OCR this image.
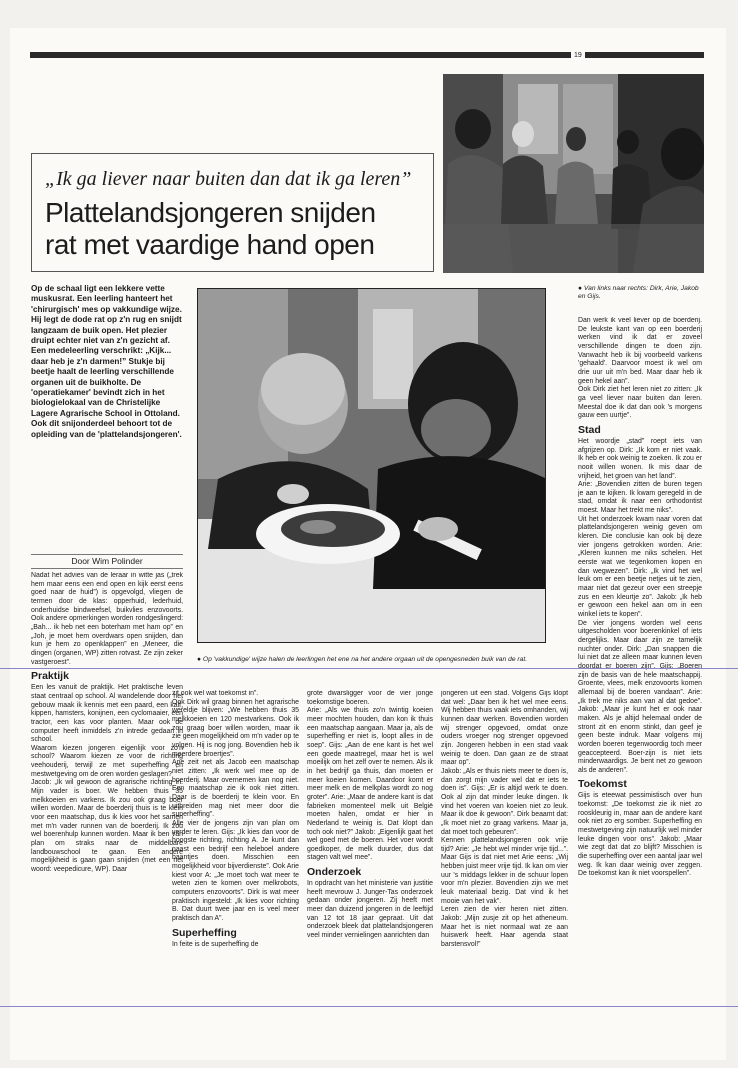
19
„Ik ga liever naar buiten dan dat ik ga leren”
Plattelandsjongeren snijden
rat met vaardige hand open
● Van links naar rechts: Dirk, Arie, Jakob en Gijs.
● Op 'vakkundige' wijze halen de leerlingen het ene na het andere orgaan uit de opengesneden buik van de rat.
Op de schaal ligt een lekkere vette muskusrat. Een leerling hanteert het 'chirurgisch' mes op vakkundige wijze. Hij legt de dode rat op z'n rug en snijdt langzaam de buik open. Het plezier druipt echter niet van z'n gezicht af. Een medeleerling verschrikt: „Kijk... daar heb je z'n darmen!” Stukje bij beetje haalt de leerling verschillende organen uit de buikholte. De 'operatiekamer' bevindt zich in het biologielokaal van de Christelijke Lagere Agrarische School in Ottoland. Ook dit snijonderdeel behoort tot de opleiding van de 'plattelandsjongeren'.
Door Wim Polinder

Nadat het advies van de leraar in witte jas („trek hem maar eens een end open en kijk eerst eens goed naar de huid”) is opgevolgd, vliegen de termen door de klas: opperhuid, lederhuid, onderhuidse bindweefsel, buikvlies enzovoorts. Ook andere opmerkingen worden rondgeslingerd: „Bah... ik heb net een boterham met ham op” en „Joh, je moet hem overdwars open snijden, dan kun je hem zo openklappen” en „Meneer, die dingen (organen, WP) zitten rotvast. Ze zijn zeker vastgeroest”.

Praktijk

Een les vanuit de praktijk. Het praktische leven staat centraal op school. Al wandelende door het gebouw maak ik kennis met een paard, een kalf, kippen, hamsters, konijnen, een cyclomaaier, een tractor, een kas voor planten. Maar ook de computer heeft inmiddels z'n intrede gedaan in school.

Waarom kiezen jongeren eigenlijk voor zo'n school? Waarom kiezen ze voor de richting veehouderij, terwijl ze met superheffing en mestwetgeving om de oren worden geslagen?

Jacob: „Ik wil gewoon de agrarische richting in. Mijn vader is boer. We hebben thuis 35 melkkoeien en varkens. Ik zou ook graag boer willen worden. Maar de boerderij thuis is te klein voor een maatschap, dus ik kies voor het samen met m'n vader runnen van de boerderij. Ik zou wel boerenhulp kunnen worden. Maar ik ben van plan om straks naar de middelbare landbouwschool te gaan. Een andere mogelijkheid is gaan gaan snijden (met een net woord: veepedicure, WP). Daar

zit ook wel wat toekomst in”.

Ook Dirk wil graag binnen het agrarische wereldje blijven: „We hebben thuis 35 melkkoeien en 120 mestvarkens. Ook ik zou graag boer willen worden, maar ik zie geen mogelijkheid om m'n vader op te volgen. Hij is nog jong. Bovendien heb ik meerdere broertjes”.

Arie zeit net als Jacob een maatschap niet zitten: „Ik werk wel mee op de boerderij. Maar overnemen kan nog niet. Een maatschap zie ik ook niet zitten. Daar is de boerderij te klein voor. En uitbreiden mag niet meer door die superheffing”.

Alle vier de jongens zijn van plan om verder te leren. Gijs: „Ik kies dan voor de hoogste richting, richting A. Je kunt dan naast een bedrijf een heleboel andere baantjes doen. Misschien een mogelijkheid voor bijverdienste”. Ook Arie kiest voor A: „Je moet toch wat meer te weten zien te komen over melkrobots, computers enzovoorts”. Dirk is wat meer praktisch ingesteld: „Ik kies voor richting B. Dat duurt twee jaar en is veel meer praktisch dan A”.

Superheffing

In feite is de superheffing de

grote dwarsligger voor de vier jonge toekomstige boeren.

Arie: „Als we thuis zo'n twintig koeien meer mochten houden, dan kon ik thuis een maatschap aangaan. Maar ja, als de superheffing er niet is, loopt alles in de soep”. Gijs: „Aan de ene kant is het wel een goede maatregel, maar het is wel moeilijk om het zelf over te nemen. Als ik in het bedrijf ga thuis, dan moeten er meer koeien komen. Daardoor komt er meer melk en de melkplas wordt zo nog groter”. Arie: „Maar de andere kant is dat fabrieken momenteel melk uit België moeten halen, omdat er hier in Nederland te weinig is. Dat klopt dan toch ook niet?” Jakob: „Eigenlijk gaat het wel goed met de boeren. Het voer wordt goedkoper, de melk duurder, dus dat stagen valt wel mee”.

Onderzoek

In opdracht van het ministerie van justitie heeft mevrouw J. Junger-Tas onderzoek gedaan onder jongeren. Zij heeft met meer dan duizend jongeren in de leeftijd van 12 tot 18 jaar gepraat. Uit dat onderzoek bleek dat plattelandsjongeren veel minder vernielingen aanrichten dan

jongeren uit een stad. Volgens Gijs klopt dat wel: „Daar ben ik het wel mee eens. Wij hebben thuis vaak iets omhanden, wij kunnen daar werken. Bovendien worden wij strenger opgevoed, omdat onze ouders vroeger nog strenger opgevoed zijn. Jongeren hebben in een stad vaak weinig te doen. Dan gaan ze de straat maar op”.

Jakob: „Als er thuis niets meer te doen is, dan zorgt mijn vader wel dat er iets te doen is”. Gijs: „Er is altijd werk te doen. Ook al zijn dat minder leuke dingen. Ik vind het voeren van koeien niet zo leuk. Maar ik doe ik gewoon”. Dirk beaamt dat: „Ik moet niet zo graag varkens. Maar ja, dat moet toch gebeuren”.

Kennen plattelandsjongeren ook vrije tijd? Arie: „Je hebt wel minder vrije tijd...”. Maar Gijs is dat niet met Arie eens: „Wij hebben juist meer vrije tijd. Ik kan om vier uur 's middags lekker in de schuur lopen voor m'n plezier. Bovendien zijn we met leuk materiaal bezig. Dat vind ik het mooie van het vak”.

Leren zien de vier heren niet zitten. Jakob: „Mijn zusje zit op het atheneum. Maar het is niet normaal wat ze aan huiswerk heeft. Haar agenda staat barstensvol!”

Dan werk ik veel liever op de boerderij. De leukste kant van op een boerderij werken vind ik dat er zoveel verschillende dingen te doen zijn. Vanwacht heb ik bij voorbeeld varkens 'gehaald'. Daarvoor moest ik wel om drie uur uit m'n bed. Maar daar heb ik geen hekel aan”.

Ook Dirk ziet het leren niet zo zitten: „Ik ga veel liever naar buiten dan leren. Meestal doe ik dat dan ook 's morgens gauw een uurtje”.

Stad

Het woordje „stad” roept iets van afgrijzen op. Dirk: „Ik kom er niet vaak. Ik heb er ook weinig te zoeken. Ik zou er nooit willen wonen. Ik mis daar de vrijheid, het groen van het land”.

Arie: „Bovendien zitten de buren tegen je aan te kijken. Ik kwam geregeld in de stad, omdat ik naar een orthodontist moest. Maar het trekt me niks”.

Uit het onderzoek kwam naar voren dat plattelandsjongeren weinig geven om kleren. Die conclusie kan ook bij deze vier jongens getrokken worden. Arie: „Kleren kunnen me niks schelen. Het eerste wat we tegenkomen kopen en dan wegwezen”. Dirk: „Ik vind het wel leuk om er een beetje netjes uit te zien, maar niet dat gezeur over een streepje zus en een kleurtje zo”. Jakob: „Ik heb er gewoon een hekel aan om in een winkel iets te kopen”.

De vier jongens worden wel eens uitgescholden voor boerenkinkel of iets dergelijks. Maar daar zijn ze tamelijk nuchter onder. Dirk: „Dan snappen die lui niet dat ze alleen maar kunnen leven doordat er boeren zijn”. Gijs: „Boeren zijn de basis van de hele maatschappij. Groente, vlees, melk enzovoorts komen allemaal bij de boeren vandaan”. Arie: „Ik trek me niks aan van al dat gedoe”. Jakob: „Maar je kunt het er ook naar maken. Als je altijd helemaal onder de stront zit en enorm stinkt, dan geef je geen beste indruk. Maar volgens mij worden boeren tegenwoordig toch meer geaccepteerd. Boer-zijn is niet iets minderwaardigs. Je bent net zo gewoon als de anderen”.

Toekomst

Gijs is eteewat pessimistisch over hun toekomst: „De toekomst zie ik niet zo rooskleurig in, maar aan de andere kant ook niet zo erg somber. Superheffing en mestwetgeving zijn natuurlijk wel minder leuke dingen voor ons”. Jakob: „Maar wie zegt dat dat zo blijft? Misschien is die superheffing over een aantal jaar wel weg. Ik kan daar weinig over zeggen. De toekomst kan ik niet voorspellen”.
